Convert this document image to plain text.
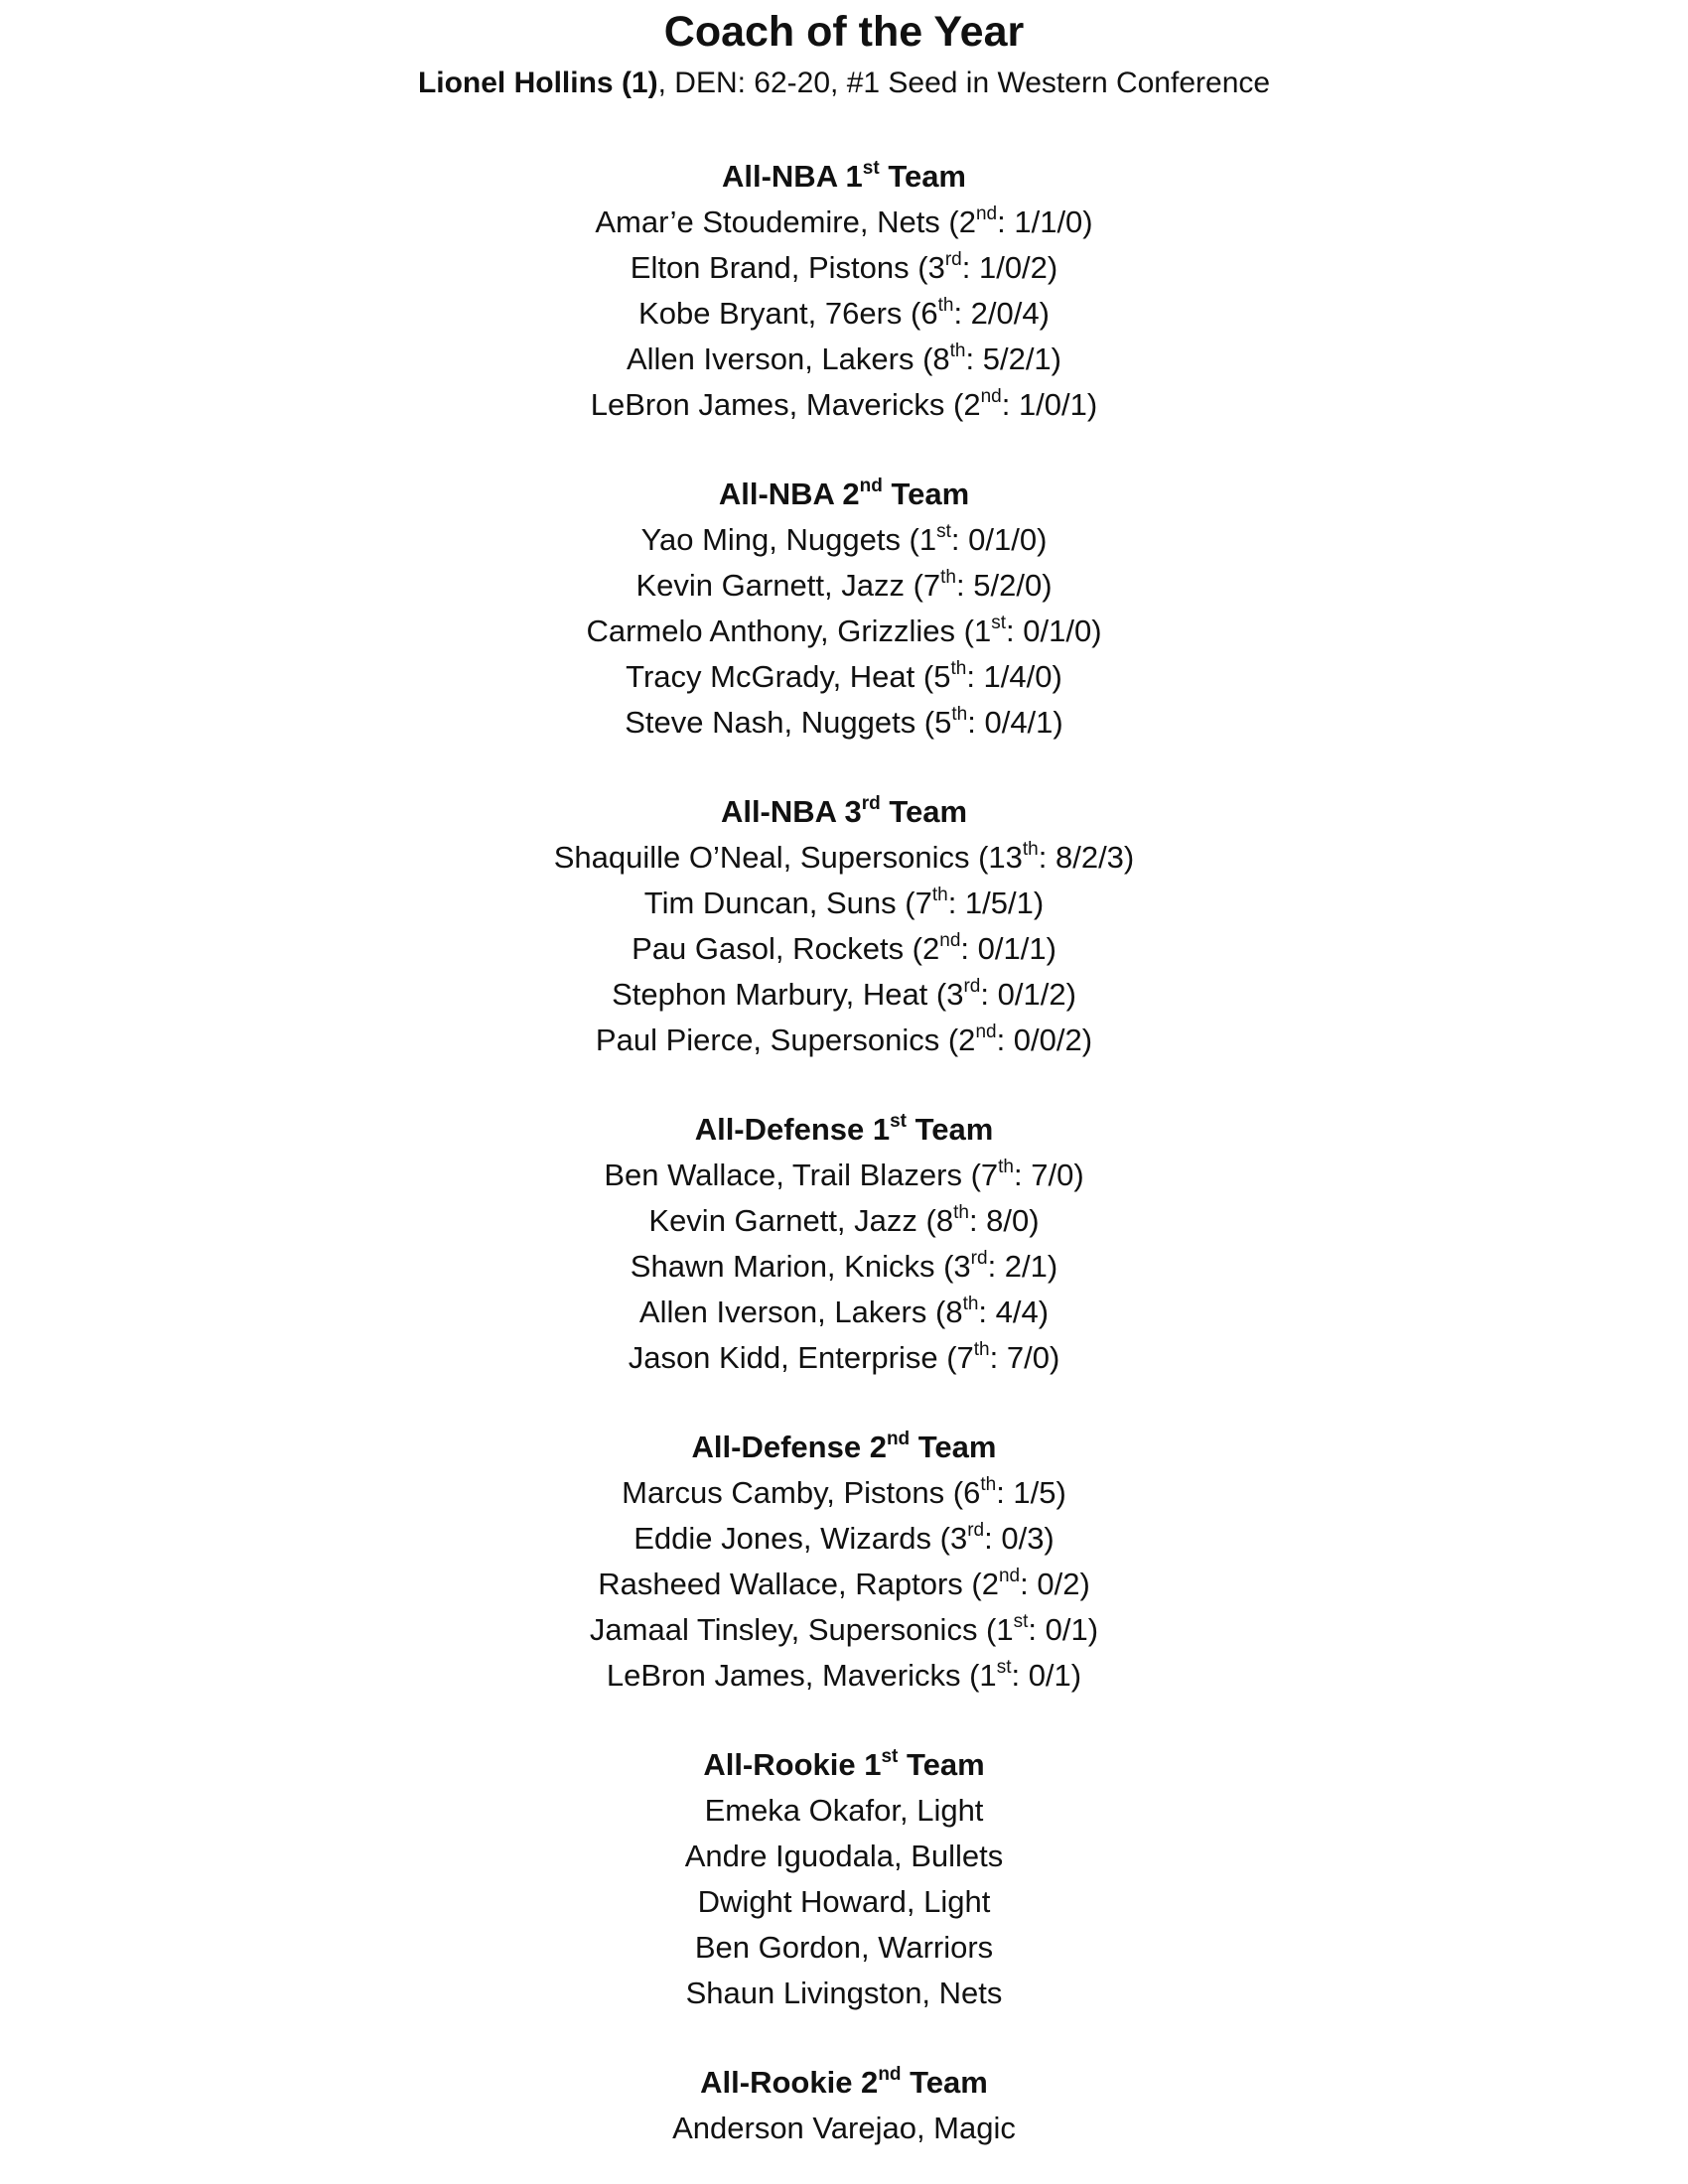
Coach of the Year
Lionel Hollins (1), DEN: 62-20, #1 Seed in Western Conference
All-NBA 1st Team
Amar’e Stoudemire, Nets (2nd: 1/1/0)
Elton Brand, Pistons (3rd: 1/0/2)
Kobe Bryant, 76ers (6th: 2/0/4)
Allen Iverson, Lakers (8th: 5/2/1)
LeBron James, Mavericks (2nd: 1/0/1)
All-NBA 2nd Team
Yao Ming, Nuggets (1st: 0/1/0)
Kevin Garnett, Jazz (7th: 5/2/0)
Carmelo Anthony, Grizzlies (1st: 0/1/0)
Tracy McGrady, Heat (5th: 1/4/0)
Steve Nash, Nuggets (5th: 0/4/1)
All-NBA 3rd Team
Shaquille O’Neal, Supersonics (13th: 8/2/3)
Tim Duncan, Suns (7th: 1/5/1)
Pau Gasol, Rockets (2nd: 0/1/1)
Stephon Marbury, Heat (3rd: 0/1/2)
Paul Pierce, Supersonics (2nd: 0/0/2)
All-Defense 1st Team
Ben Wallace, Trail Blazers (7th: 7/0)
Kevin Garnett, Jazz (8th: 8/0)
Shawn Marion, Knicks (3rd: 2/1)
Allen Iverson, Lakers (8th: 4/4)
Jason Kidd, Enterprise (7th: 7/0)
All-Defense 2nd Team
Marcus Camby, Pistons (6th: 1/5)
Eddie Jones, Wizards (3rd: 0/3)
Rasheed Wallace, Raptors (2nd: 0/2)
Jamaal Tinsley, Supersonics (1st: 0/1)
LeBron James, Mavericks (1st: 0/1)
All-Rookie 1st Team
Emeka Okafor, Light
Andre Iguodala, Bullets
Dwight Howard, Light
Ben Gordon, Warriors
Shaun Livingston, Nets
All-Rookie 2nd Team
Anderson Varejao, Magic
